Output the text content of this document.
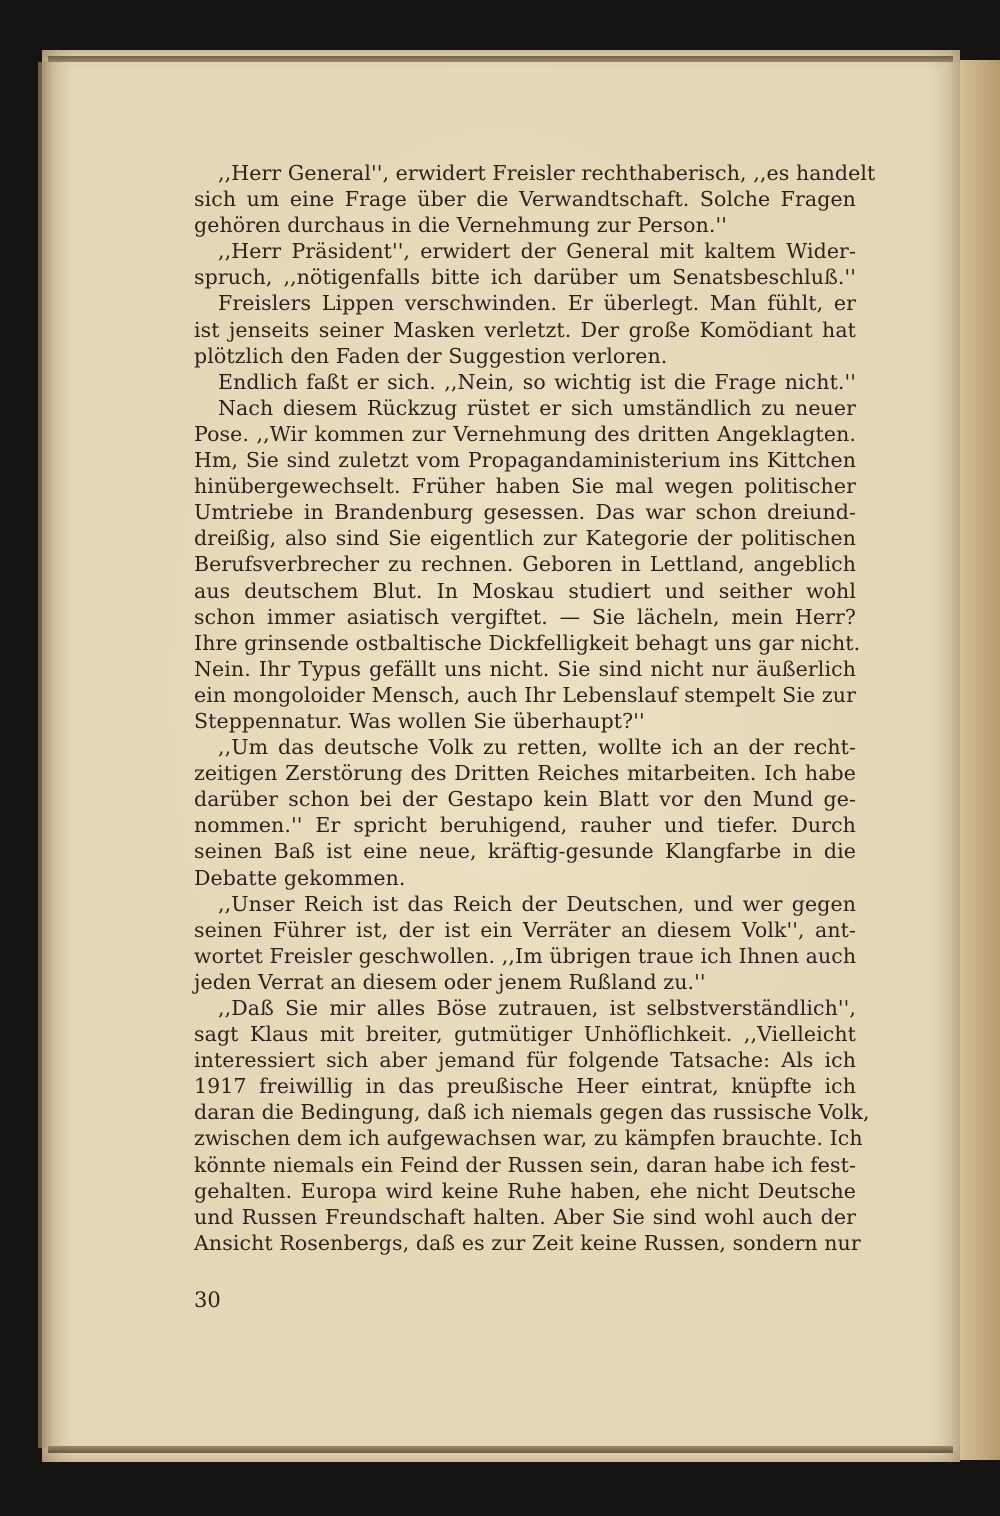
,,Herr General'', erwidert Freisler rechthaberisch, ,,es handelt
sich um eine Frage über die Verwandtschaft. Solche Fragen
gehören durchaus in die Vernehmung zur Person.''
,,Herr Präsident'', erwidert der General mit kaltem Wider-
spruch, ,,nötigenfalls bitte ich darüber um Senatsbeschluß.''
Freislers Lippen verschwinden. Er überlegt. Man fühlt, er
ist jenseits seiner Masken verletzt. Der große Komödiant hat
plötzlich den Faden der Suggestion verloren.
Endlich faßt er sich. ,,Nein, so wichtig ist die Frage nicht.''
Nach diesem Rückzug rüstet er sich umständlich zu neuer
Pose. ,,Wir kommen zur Vernehmung des dritten Angeklagten.
Hm, Sie sind zuletzt vom Propagandaministerium ins Kittchen
hinübergewechselt. Früher haben Sie mal wegen politischer
Umtriebe in Brandenburg gesessen. Das war schon dreiund-
dreißig, also sind Sie eigentlich zur Kategorie der politischen
Berufsverbrecher zu rechnen. Geboren in Lettland, angeblich
aus deutschem Blut. In Moskau studiert und seither wohl
schon immer asiatisch vergiftet. — Sie lächeln, mein Herr?
Ihre grinsende ostbaltische Dickfelligkeit behagt uns gar nicht.
Nein. Ihr Typus gefällt uns nicht. Sie sind nicht nur äußerlich
ein mongoloider Mensch, auch Ihr Lebenslauf stempelt Sie zur
Steppennatur. Was wollen Sie überhaupt?''
,,Um das deutsche Volk zu retten, wollte ich an der recht-
zeitigen Zerstörung des Dritten Reiches mitarbeiten. Ich habe
darüber schon bei der Gestapo kein Blatt vor den Mund ge-
nommen.'' Er spricht beruhigend, rauher und tiefer. Durch
seinen Baß ist eine neue, kräftig-gesunde Klangfarbe in die
Debatte gekommen.
,,Unser Reich ist das Reich der Deutschen, und wer gegen
seinen Führer ist, der ist ein Verräter an diesem Volk'', ant-
wortet Freisler geschwollen. ,,Im übrigen traue ich Ihnen auch
jeden Verrat an diesem oder jenem Rußland zu.''
,,Daß Sie mir alles Böse zutrauen, ist selbstverständlich'',
sagt Klaus mit breiter, gutmütiger Unhöflichkeit. ,,Vielleicht
interessiert sich aber jemand für folgende Tatsache: Als ich
1917 freiwillig in das preußische Heer eintrat, knüpfte ich
daran die Bedingung, daß ich niemals gegen das russische Volk,
zwischen dem ich aufgewachsen war, zu kämpfen brauchte. Ich
könnte niemals ein Feind der Russen sein, daran habe ich fest-
gehalten. Europa wird keine Ruhe haben, ehe nicht Deutsche
und Russen Freundschaft halten. Aber Sie sind wohl auch der
Ansicht Rosenbergs, daß es zur Zeit keine Russen, sondern nur
30
